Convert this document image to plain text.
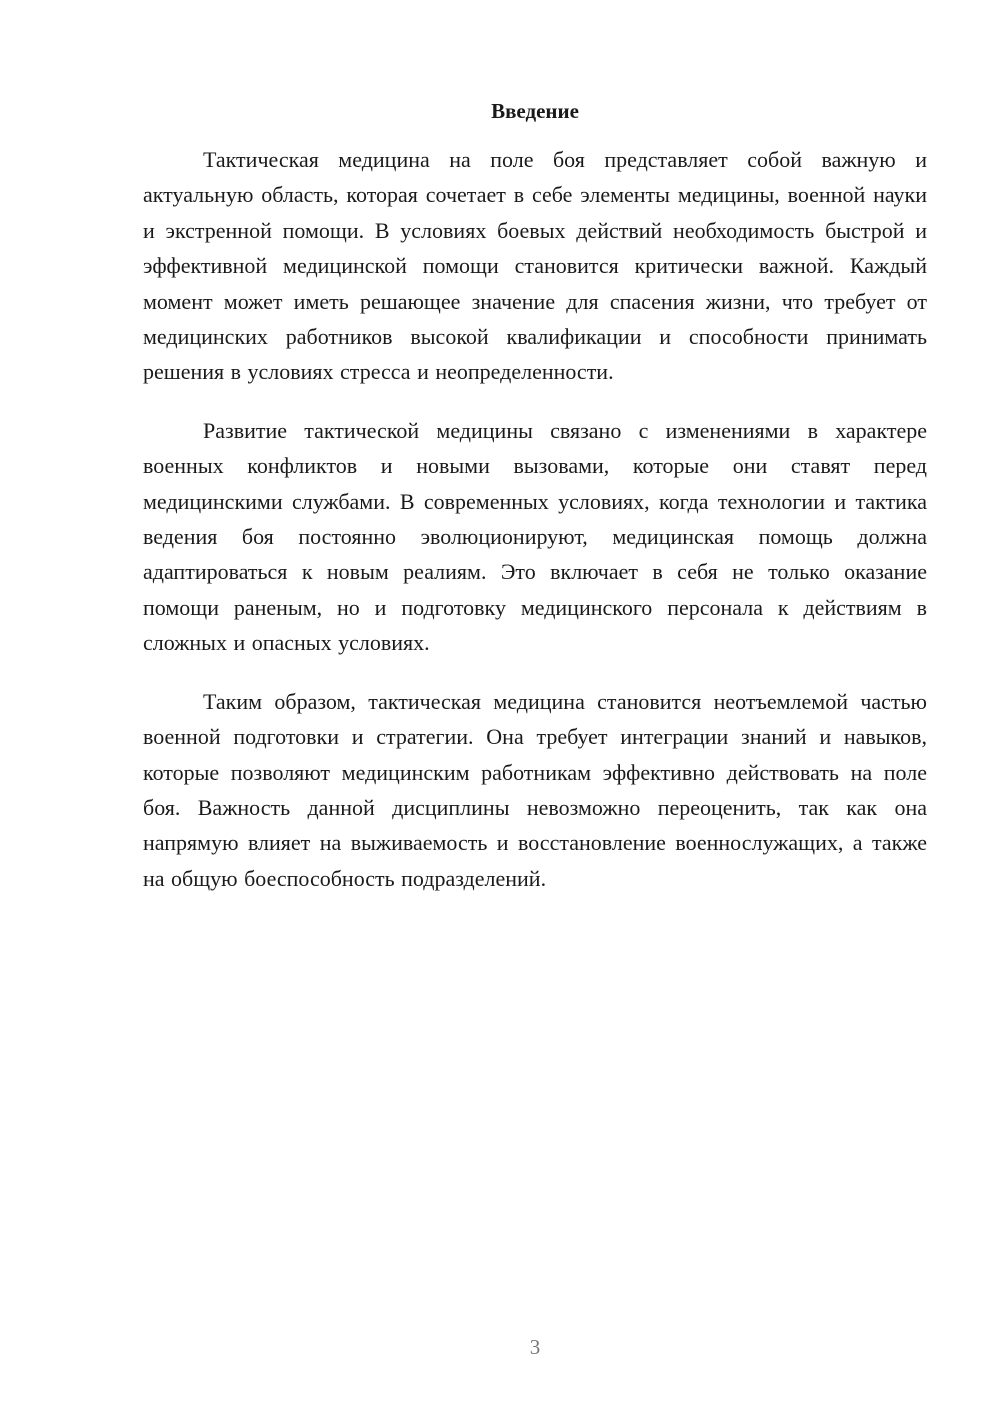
Введение

Тактическая медицина на поле боя представляет собой важную и актуальную область, которая сочетает в себе элементы медицины, военной науки и экстренной помощи. В условиях боевых действий необходимость быстрой и эффективной медицинской помощи становится критически важной. Каждый момент может иметь решающее значение для спасения жизни, что требует от медицинских работников высокой квалификации и способности принимать решения в условиях стресса и неопределенности.

Развитие тактической медицины связано с изменениями в характере военных конфликтов и новыми вызовами, которые они ставят перед медицинскими службами. В современных условиях, когда технологии и тактика ведения боя постоянно эволюционируют, медицинская помощь должна адаптироваться к новым реалиям. Это включает в себя не только оказание помощи раненым, но и подготовку медицинского персонала к действиям в сложных и опасных условиях.

Таким образом, тактическая медицина становится неотъемлемой частью военной подготовки и стратегии. Она требует интеграции знаний и навыков, которые позволяют медицинским работникам эффективно действовать на поле боя. Важность данной дисциплины невозможно переоценить, так как она напрямую влияет на выживаемость и восстановление военнослужащих, а также на общую боеспособность подразделений.

3
